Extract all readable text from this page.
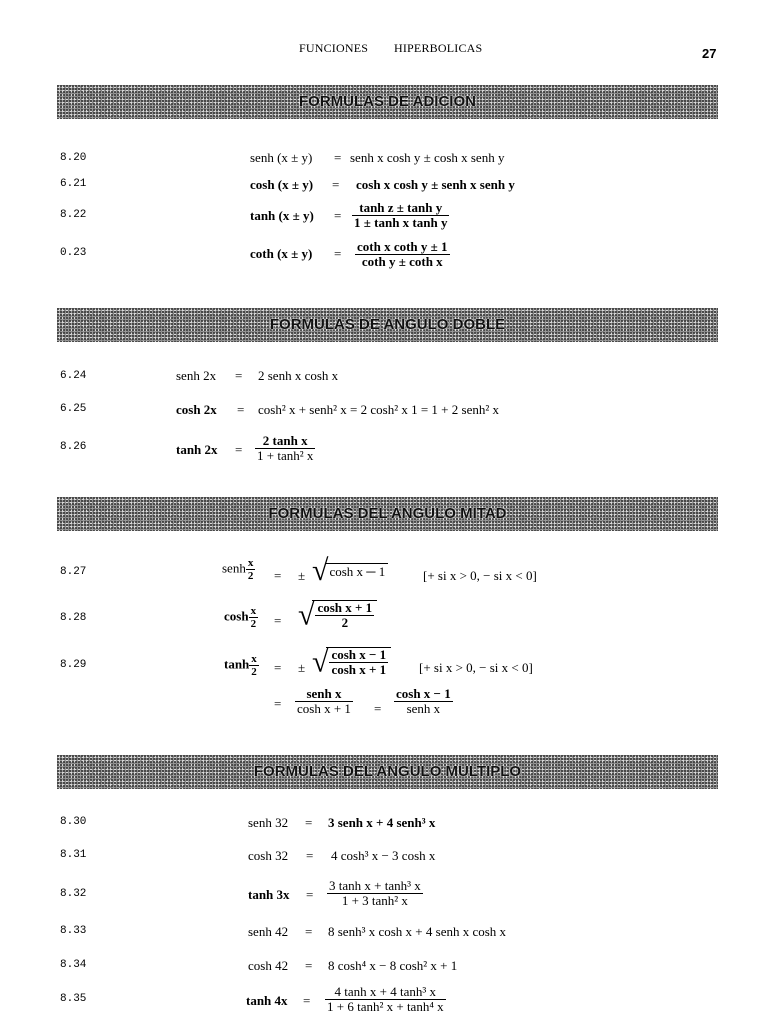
FUNCIONES HIPERBOLICAS	27
FORMULAS DE ADICION
8.20	senh (x ± y) = senh x cosh y ± cosh x senh y
6.21	cosh (x ± y) = cosh x cosh y ± senh x senh y
8.22	$\tanh (x \pm y) = \frac{\text{tanh z ± tanh y}}{\text{1 ± tanh x tanh y}}$
0.23	coth $(x \pm y) = \frac{\text{coth x coth y ± 1}}{\text{coth y ± coth x}}$
FORMULAS DE ANGULO DOBLE
6.24	senh 2x = 2 senh x cosh x
6.25	cosh 2x = cosh² x + senh² x = 2 cosh² x 1 = 1 + 2 senh² x
8.26	$\tanh 2x = \frac{\text{2 tanh x}}{\text{1 + tanh² x}}$
FORMULAS DEL ANGULO MITAD
8.27	senh $\frac{x}{2}$ = ± √cosh x ─ 1	[+ si x > 0, − si x < 0]
8.28	$\cosh \frac{x}{2}$ = √ $\frac{\text{cosh x + 1}}{2}$
8.29	$\tanh \frac{x}{2}$ = ± √ $\frac{\text{cosh x − 1}}{\text{cosh x + 1}}$ [+ si x > 0, − si x < 0]
= $\frac{\text{senh x}}{\text{cosh x + 1}} = \frac{\text{cosh x − 1}}{\text{senh x}}$
FORMULAS DEL ANGULO MULTIPLO
8.30	senh 32 = 3 senh x + 4 senh³ x
8.31	cosh 32 = 4 cosh³ x − 3 cosh x
8.32	$\tanh 3x = \frac{\text{3 tanh x + tanh³ x}}{\text{1 + 3 tanh² x}}$
8.33	senh 42 = 8 senh³ x cosh x + 4 senh x cosh x
8.34	cosh 42 = 8 cosh⁴ x − 8 cosh² x + 1
8.35	$\tanh 4x = \frac{\text{4 tanh x + 4 tanh³ x}}{\text{1 + 6 tanh² x + tanh⁴ x}}$
